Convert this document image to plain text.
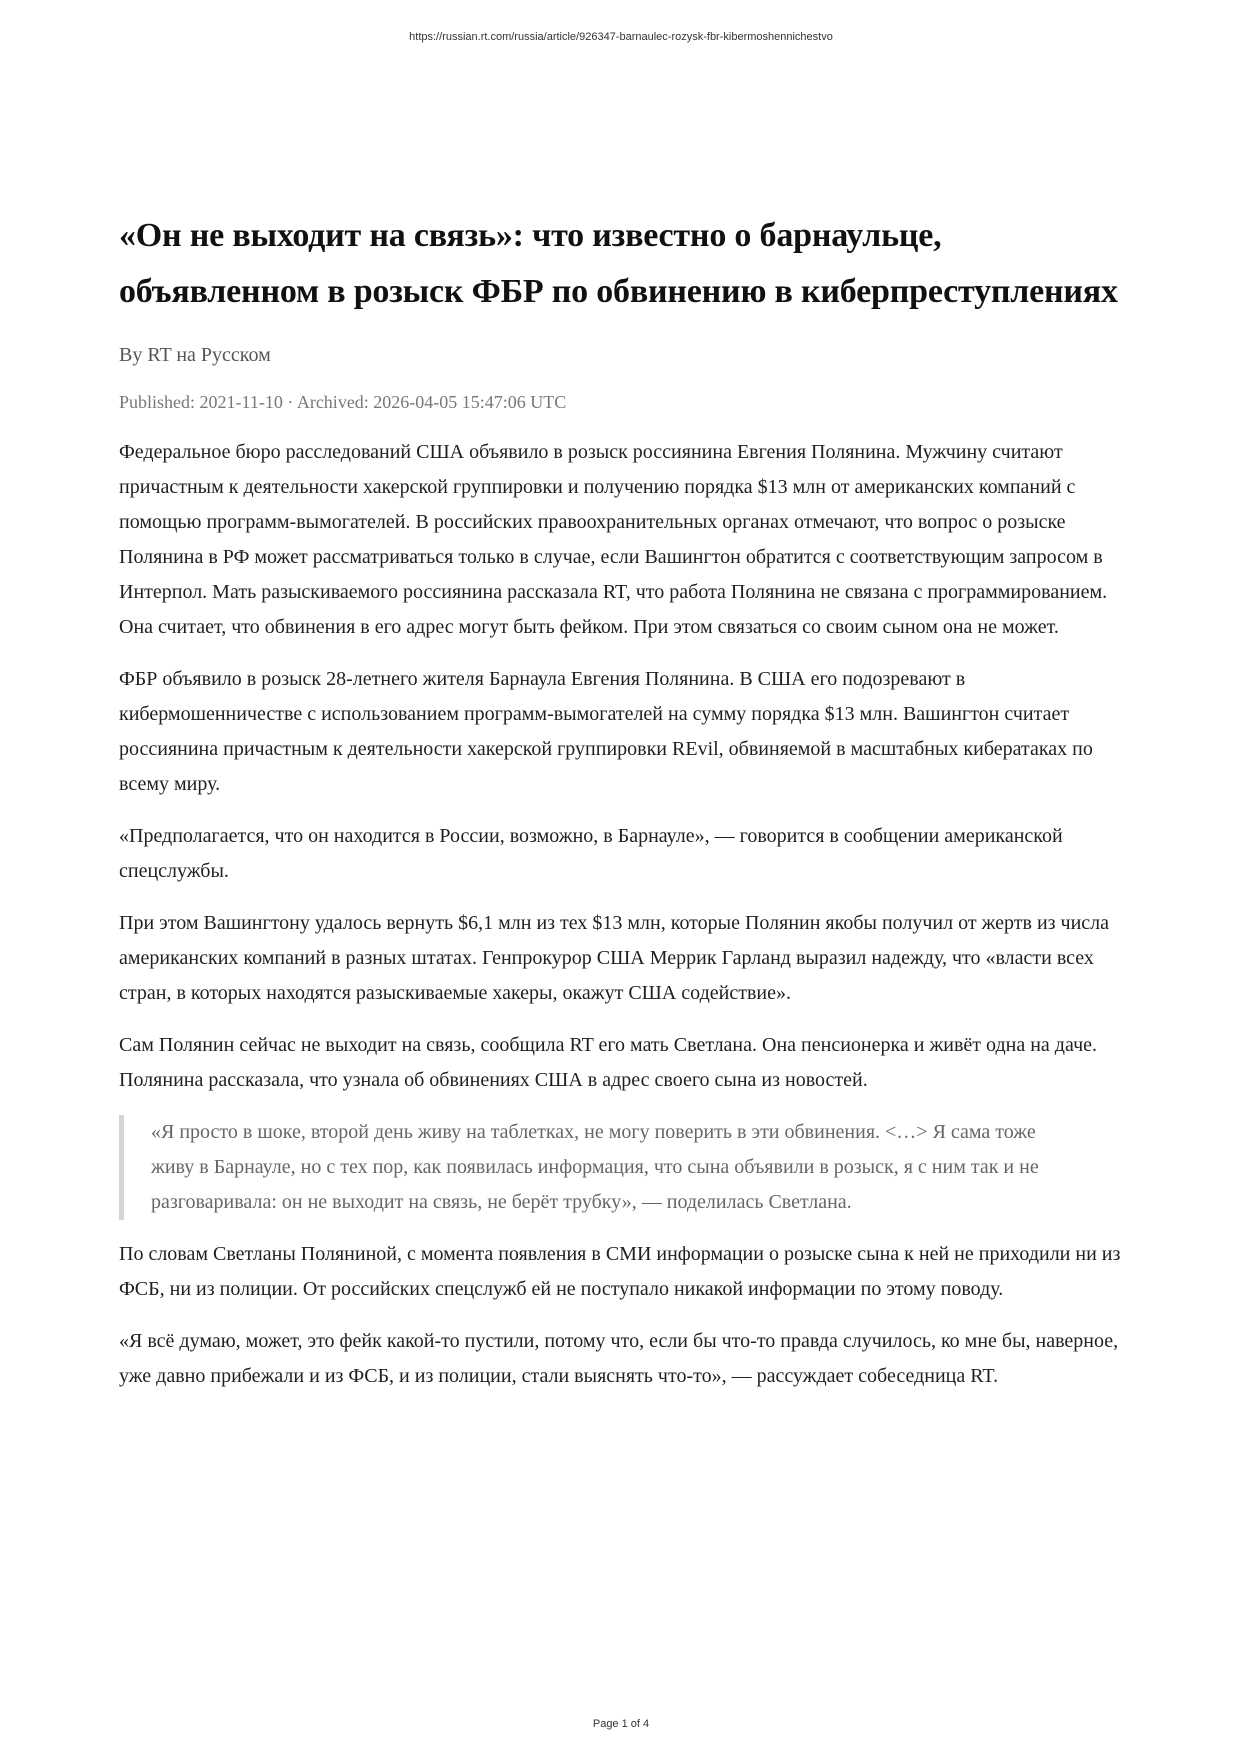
https://russian.rt.com/russia/article/926347-barnaulec-rozysk-fbr-kibermoshennichestvo
«Он не выходит на связь»: что известно о барнаульце, объявленном в розыск ФБР по обвинению в киберпреступлениях
By RT на Русском
Published: 2021-11-10 · Archived: 2026-04-05 15:47:06 UTC

Федеральное бюро расследований США объявило в розыск россиянина Евгения Полянина. Мужчину считают причастным к деятельности хакерской группировки и получению порядка $13 млн от американских компаний с помощью программ-вымогателей. В российских правоохранительных органах отмечают, что вопрос о розыске Полянина в РФ может рассматриваться только в случае, если Вашингтон обратится с соответствующим запросом в Интерпол. Мать разыскиваемого россиянина рассказала RT, что работа Полянина не связана с программированием. Она считает, что обвинения в его адрес могут быть фейком. При этом связаться со своим сыном она не может.

ФБР объявило в розыск 28-летнего жителя Барнаула Евгения Полянина. В США его подозревают в кибермошенничестве с использованием программ-вымогателей на сумму порядка $13 млн. Вашингтон считает россиянина причастным к деятельности хакерской группировки REvil, обвиняемой в масштабных кибератаках по всему миру.

«Предполагается, что он находится в России, возможно, в Барнауле», — говорится в сообщении американской спецслужбы.

При этом Вашингтону удалось вернуть $6,1 млн из тех $13 млн, которые Полянин якобы получил от жертв из числа американских компаний в разных штатах. Генпрокурор США Меррик Гарланд выразил надежду, что «власти всех стран, в которых находятся разыскиваемые хакеры, окажут США содействие».

Сам Полянин сейчас не выходит на связь, сообщила RT его мать Светлана. Она пенсионерка и живёт одна на даче. Полянина рассказала, что узнала об обвинениях США в адрес своего сына из новостей.

«Я просто в шоке, второй день живу на таблетках, не могу поверить в эти обвинения. <…> Я сама тоже живу в Барнауле, но с тех пор, как появилась информация, что сына объявили в розыск, я с ним так и не разговаривала: он не выходит на связь, не берёт трубку», — поделилась Светлана.

По словам Светланы Поляниной, с момента появления в СМИ информации о розыске сына к ней не приходили ни из ФСБ, ни из полиции. От российских спецслужб ей не поступало никакой информации по этому поводу.

«Я всё думаю, может, это фейк какой-то пустили, потому что, если бы что-то правда случилось, ко мне бы, наверное, уже давно прибежали и из ФСБ, и из полиции, стали выяснять что-то», — рассуждает собеседница RT.

Page 1 of 4
